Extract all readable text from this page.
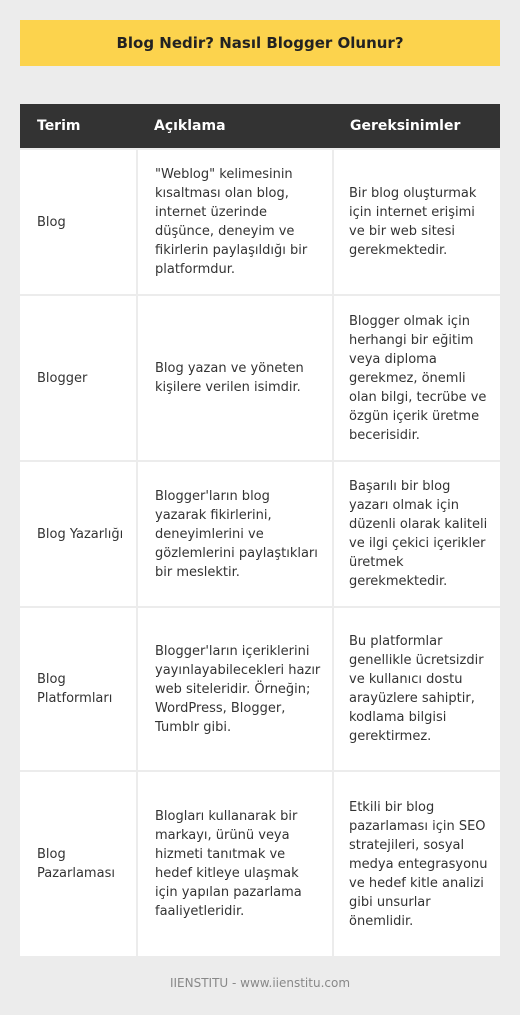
Blog Nedir? Nasıl Blogger Olunur?
Terim	Açıklama	Gereksinimler
Blog	"Weblog" kelimesinin kısaltması olan blog, internet üzerinde düşünce, deneyim ve fikirlerin paylaşıldığı bir platformdur.	Bir blog oluşturmak için internet erişimi ve bir web sitesi gerekmektedir.
Blogger	Blog yazan ve yöneten kişilere verilen isimdir.	Blogger olmak için herhangi bir eğitim veya diploma gerekmez, önemli olan bilgi, tecrübe ve özgün içerik üretme becerisidir.
Blog Yazarlığı	Blogger'ların blog yazarak fikirlerini, deneyimlerini ve gözlemlerini paylaştıkları bir meslektir.	Başarılı bir blog yazarı olmak için düzenli olarak kaliteli ve ilgi çekici içerikler üretmek gerekmektedir.
Blog Platformları	Blogger'ların içeriklerini yayınlayabilecekleri hazır web siteleridir. Örneğin; WordPress, Blogger, Tumblr gibi.	Bu platformlar genellikle ücretsizdir ve kullanıcı dostu arayüzlere sahiptir, kodlama bilgisi gerektirmez.
Blog Pazarlaması	Blogları kullanarak bir markayı, ürünü veya hizmeti tanıtmak ve hedef kitleye ulaşmak için yapılan pazarlama faaliyetleridir.	Etkili bir blog pazarlaması için SEO stratejileri, sosyal medya entegrasyonu ve hedef kitle analizi gibi unsurlar önemlidir.
IIENSTITU - www.iienstitu.com
